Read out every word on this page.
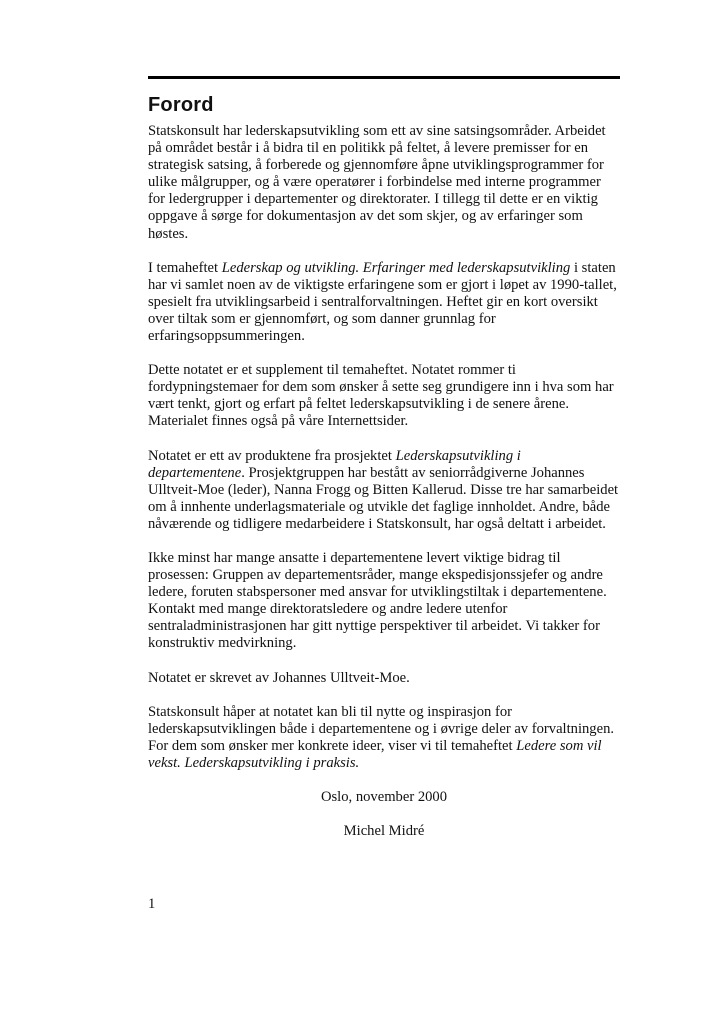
Forord

Statskonsult har lederskapsutvikling som ett av sine satsingsområder. Arbeidet på området består i å bidra til en politikk på feltet, å levere premisser for en strategisk satsing, å forberede og gjennomføre åpne utviklingsprogrammer for ulike målgrupper, og å være operatører i forbindelse med interne programmer for ledergrupper i departementer og direktorater. I tillegg til dette er en viktig oppgave å sørge for dokumentasjon av det som skjer, og av erfaringer som høstes.

I temaheftet Lederskap og utvikling. Erfaringer med lederskapsutvikling i staten har vi samlet noen av de viktigste erfaringene som er gjort i løpet av 1990-tallet, spesielt fra utviklingsarbeid i sentralforvaltningen. Heftet gir en kort oversikt over tiltak som er gjennomført, og som danner grunnlag for erfaringsoppsummeringen.

Dette notatet er et supplement til temaheftet. Notatet rommer ti fordypningstemaer for dem som ønsker å sette seg grundigere inn i hva som har vært tenkt, gjort og erfart på feltet lederskapsutvikling i de senere årene. Materialet finnes også på våre Internettsider.

Notatet er ett av produktene fra prosjektet Lederskapsutvikling i departementene. Prosjektgruppen har bestått av seniorrådgiverne Johannes Ulltveit-Moe (leder), Nanna Frogg og Bitten Kallerud. Disse tre har samarbeidet om å innhente underlagsmateriale og utvikle det faglige innholdet. Andre, både nåværende og tidligere medarbeidere i Statskonsult, har også deltatt i arbeidet.

Ikke minst har mange ansatte i departementene levert viktige bidrag til prosessen: Gruppen av departementsråder, mange ekspedisjonssjefer og andre ledere, foruten stabspersoner med ansvar for utviklingstiltak i departementene. Kontakt med mange direktoratsledere og andre ledere utenfor sentraladministrasjonen har gitt nyttige perspektiver til arbeidet. Vi takker for konstruktiv medvirkning.

Notatet er skrevet av Johannes Ulltveit-Moe.

Statskonsult håper at notatet kan bli til nytte og inspirasjon for lederskapsutviklingen både i departementene og i øvrige deler av forvaltningen. For dem som ønsker mer konkrete ideer, viser vi til temaheftet Ledere som vil vekst. Lederskapsutvikling i praksis.

Oslo, november 2000

Michel Midré

1
